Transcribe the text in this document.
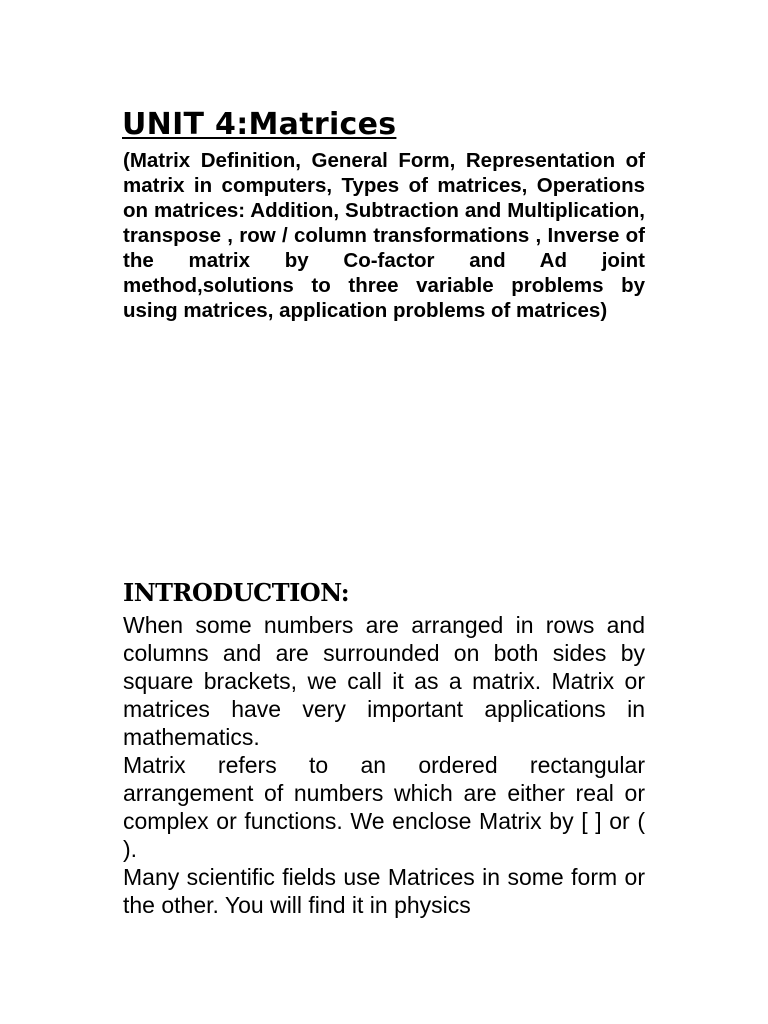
UNIT 4:Matrices

(Matrix Definition, General Form, Representation of matrix in computers, Types of matrices, Operations on matrices: Addition, Subtraction and Multiplication, transpose , row / column transformations , Inverse of the matrix by Co-factor and Ad joint method,solutions to three variable problems by using matrices, application problems of matrices)

INTRODUCTION:

When some numbers are arranged in rows and columns and are surrounded on both sides by square brackets, we call it as a matrix. Matrix or matrices have very important applications in mathematics.

Matrix refers to an ordered rectangular arrangement of numbers which are either real or complex or functions. We enclose Matrix by [ ] or ( ).

Many scientific fields use Matrices in some form or the other. You will find it in physics
